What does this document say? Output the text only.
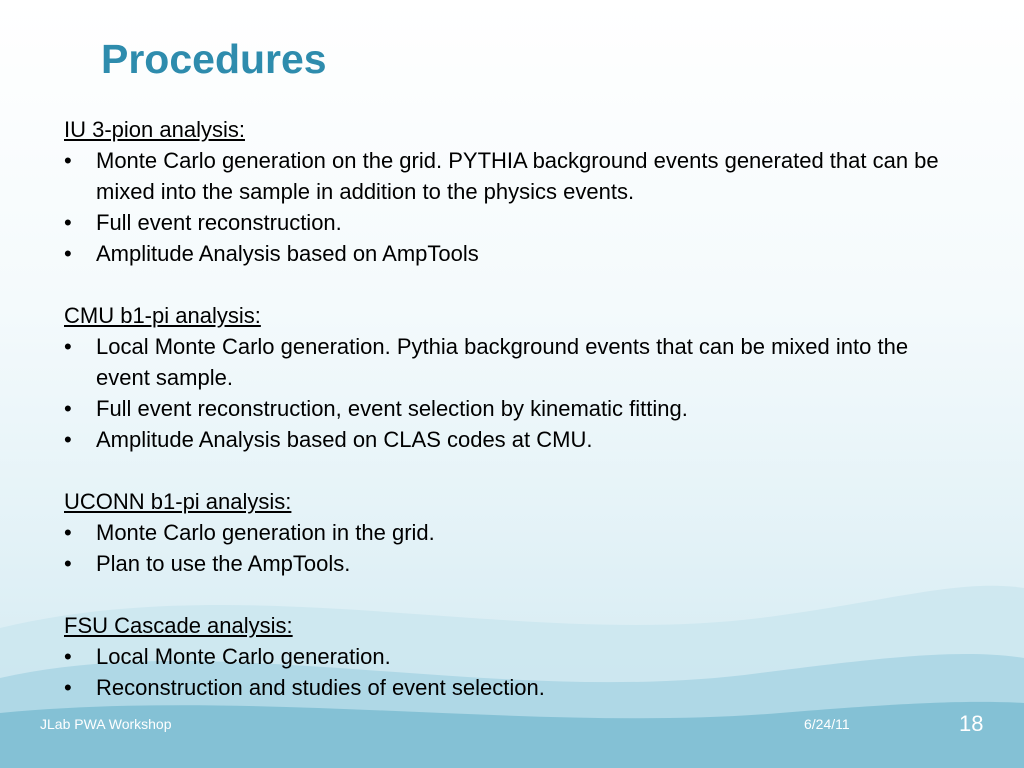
Procedures
IU 3-pion analysis:
• Monte Carlo generation on the grid. PYTHIA background events generated that can be mixed into the sample in addition to the physics events.
• Full event reconstruction.
• Amplitude Analysis based on AmpTools
CMU b1-pi analysis:
• Local Monte Carlo generation. Pythia background events that can be mixed into the event sample.
• Full event reconstruction, event selection by kinematic fitting.
• Amplitude Analysis based on CLAS codes at CMU.
UCONN b1-pi analysis:
• Monte Carlo generation in the grid.
• Plan to use the AmpTools.
FSU Cascade analysis:
• Local Monte Carlo generation.
• Reconstruction and studies of event selection.
JLab PWA Workshop	6/24/11	18
